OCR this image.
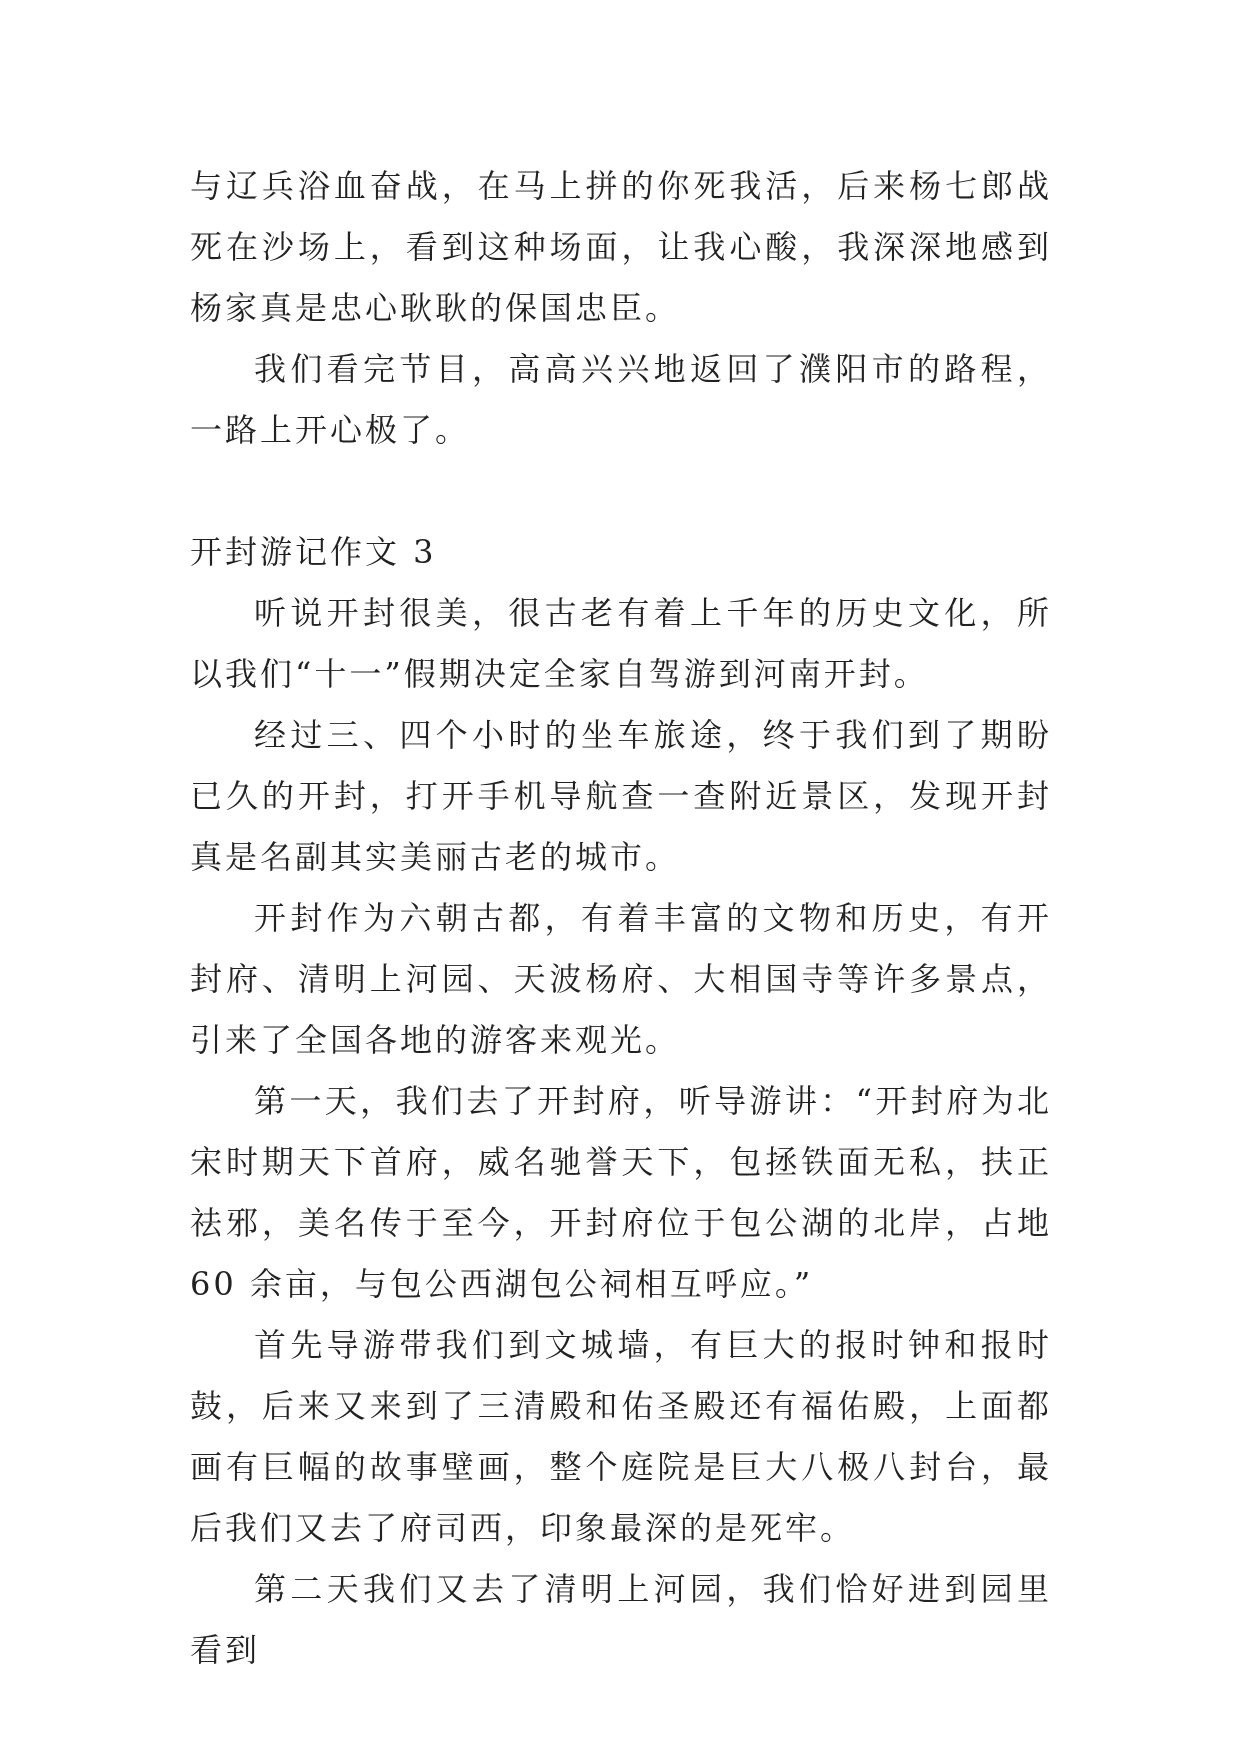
与辽兵浴血奋战，在马上拼的你死我活，后来杨七郎战死在沙场上，看到这种场面，让我心酸，我深深地感到杨家真是忠心耿耿的保国忠臣。

我们看完节目，高高兴兴地返回了濮阳市的路程，一路上开心极了。

开封游记作文 3

听说开封很美，很古老有着上千年的历史文化，所以我们“十一”假期决定全家自驾游到河南开封。

经过三、四个小时的坐车旅途，终于我们到了期盼已久的开封，打开手机导航查一查附近景区，发现开封真是名副其实美丽古老的城市。

开封作为六朝古都，有着丰富的文物和历史，有开封府、清明上河园、天波杨府、大相国寺等许多景点，引来了全国各地的游客来观光。

第一天，我们去了开封府，听导游讲：“开封府为北宋时期天下首府，威名驰誉天下，包拯铁面无私，扶正祛邪，美名传于至今，开封府位于包公湖的北岸，占地 60 余亩，与包公西湖包公祠相互呼应。”

首先导游带我们到文城墙，有巨大的报时钟和报时鼓，后来又来到了三清殿和佑圣殿还有福佑殿，上面都画有巨幅的故事壁画，整个庭院是巨大八极八封台，最后我们又去了府司西，印象最深的是死牢。

第二天我们又去了清明上河园，我们恰好进到园里看到
